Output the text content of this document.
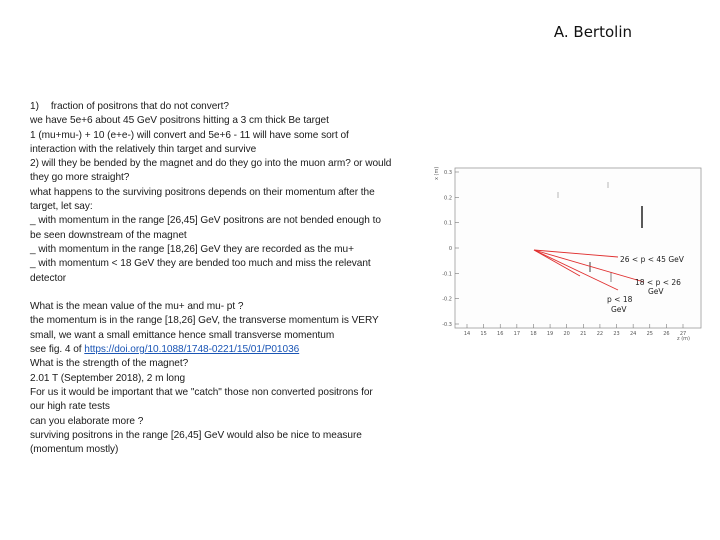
A. Bertolin
1) fraction of positrons that do not convert?
we have 5e+6 about 45 GeV positrons hitting a 3 cm thick Be target
1 (mu+mu-) + 10 (e+e-) will convert and 5e+6 - 11 will have some sort of
interaction with the relatively thin target and survive
2) will they be bended by the magnet and do they go into the muon arm? or would
they go more straight?
what happens to the surviving positrons depends on their momentum after the
target, let say:
_ with momentum in the range [26,45] GeV positrons are not bended enough to
be seen downstream of the magnet
_ with momentum in the range [18,26] GeV they are recorded as the mu+
_ with momentum < 18 GeV they are bended too much and miss the relevant
detector
What is the mean value of the mu+ and mu- pt ?
the momentum is in the range [18,26] GeV, the transverse momentum is VERY
small, we want a small emittance hence small transverse momentum
see fig. 4 of https://doi.org/10.1088/1748-0221/15/01/P01036
What is the strength of the magnet?
2.01 T (September 2018), 2 m long
For us it would be important that we "catch" those non converted positrons for
our high rate tests
can you elaborate more ?
surviving positrons in the range [26,45] GeV would also be nice to measure
(momentum mostly)
0.3
0.2
0.1
0
-0.1
-0.2
-0.3
14 15 16 17 18 19 20 21 22 23 24 25 26 27
x (m)
z (m)
26 < p < 45 GeV
18 < p < 26
GeV
p < 18
GeV
